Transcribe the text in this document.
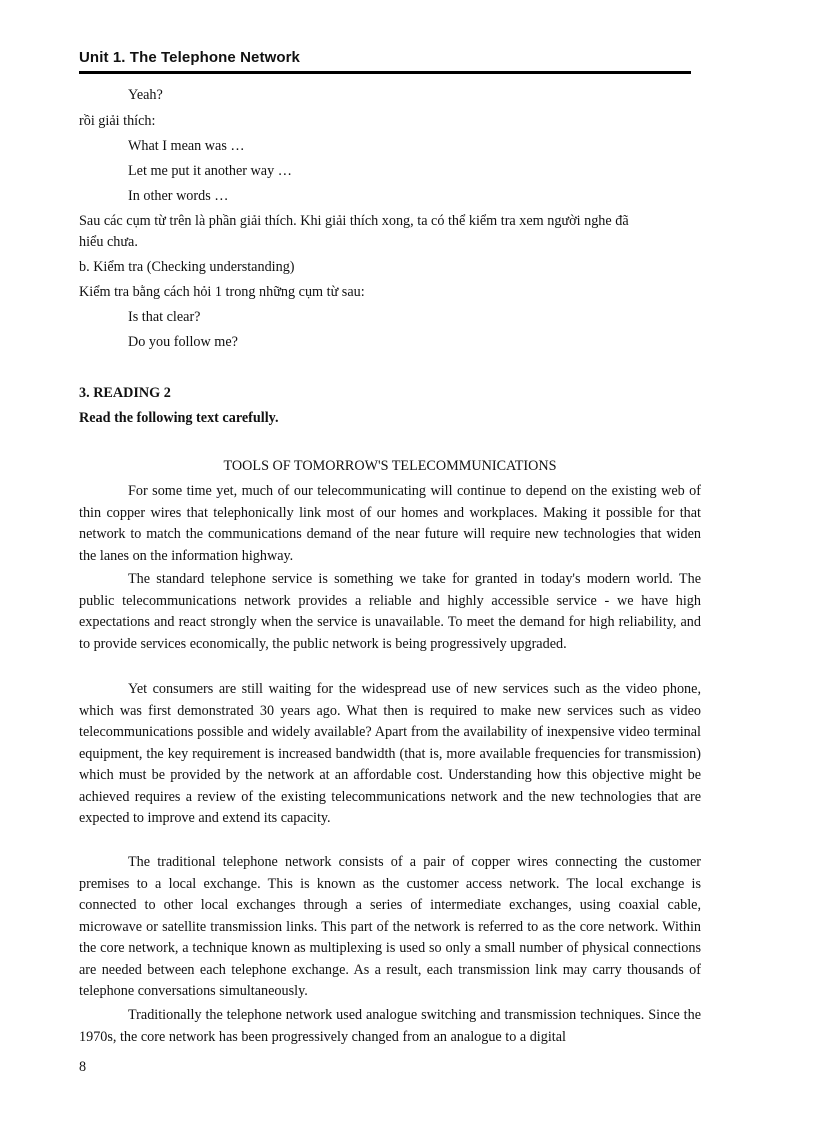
Unit 1. The Telephone Network
Yeah?
rồi giải thích:
What I mean was …
Let me put it another way …
In other words …
Sau các cụm từ trên là phần giải thích. Khi giải thích xong, ta có thể kiểm tra xem người nghe đã
hiểu chưa.
b. Kiểm tra (Checking understanding)
Kiểm tra bằng cách hỏi 1 trong những cụm từ sau:
Is that clear?
Do you follow me?
3. READING 2
Read the following text carefully.
TOOLS OF TOMORROW'S TELECOMMUNICATIONS

For some time yet, much of our telecommunicating will continue to depend on the existing web of thin copper wires that telephonically link most of our homes and workplaces. Making it possible for that network to match the communications demand of the near future will require new technologies that widen the lanes on the information highway.

The standard telephone service is something we take for granted in today's modern world. The public telecommunications network provides a reliable and highly accessible service - we have high expectations and react strongly when the service is unavailable. To meet the demand for high reliability, and to provide services economically, the public network is being progressively upgraded.

Yet consumers are still waiting for the widespread use of new services such as the video phone, which was first demonstrated 30 years ago. What then is required to make new services such as video telecommunications possible and widely available? Apart from the availability of inexpensive video terminal equipment, the key requirement is increased bandwidth (that is, more available frequencies for transmission) which must be provided by the network at an affordable cost. Understanding how this objective might be achieved requires a review of the existing telecommunications network and the new technologies that are expected to improve and extend its capacity.

The traditional telephone network consists of a pair of copper wires connecting the customer premises to a local exchange. This is known as the customer access network. The local exchange is connected to other local exchanges through a series of intermediate exchanges, using coaxial cable, microwave or satellite transmission links. This part of the network is referred to as the core network. Within the core network, a technique known as multiplexing is used so only a small number of physical connections are needed between each telephone exchange. As a result, each transmission link may carry thousands of telephone conversations simultaneously.

Traditionally the telephone network used analogue switching and transmission techniques. Since the 1970s, the core network has been progressively changed from an analogue to a digital

8
